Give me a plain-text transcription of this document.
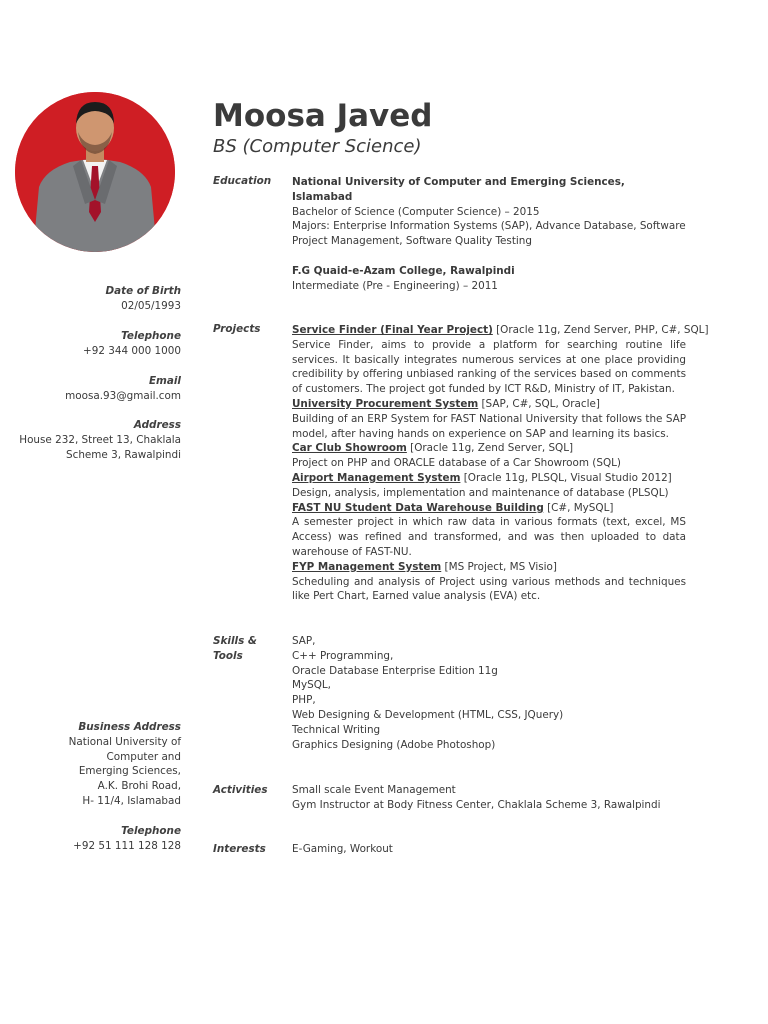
Moosa Javed
BS (Computer Science)
Date of Birth
02/05/1993
Telephone
+92 344 000 1000
Email
moosa.93@gmail.com
Address
House 232, Street 13, Chaklala
Scheme 3, Rawalpindi
Business Address
National University of
Computer and
Emerging Sciences,
A.K. Brohi Road,
H- 11/4, Islamabad
Telephone
+92 51 111 128 128
Education National University of Computer and Emerging Sciences, Islamabad

Bachelor of Science (Computer Science) – 2015

Majors: Enterprise Information Systems (SAP), Advance Database, Software Project Management, Software Quality Testing

F.G Quaid-e-Azam College, Rawalpindi

Intermediate (Pre - Engineering) – 2011

Projects	Service Finder (Final Year Project) [Oracle 11g, Zend Server, PHP, C#, SQL]

Service Finder, aims to provide a platform for searching routine life services. It basically integrates numerous services at one place providing credibility by offering unbiased ranking of the services based on comments of customers. The project got funded by ICT R&D, Ministry of IT, Pakistan.

University Procurement System [SAP, C#, SQL, Oracle]

Building of an ERP System for FAST National University that follows the SAP model, after having hands on experience on SAP and learning its basics.

Car Club Showroom [Oracle 11g, Zend Server, SQL]

Project on PHP and ORACLE database of a Car Showroom (SQL)

Airport Management System [Oracle 11g, PLSQL, Visual Studio 2012]

Design, analysis, implementation and maintenance of database (PLSQL)

FAST NU Student Data Warehouse Building [C#, MySQL]

A semester project in which raw data in various formats (text, excel, MS Access) was refined and transformed, and was then uploaded to data warehouse of FAST-NU.

FYP Management System [MS Project, MS Visio]

Scheduling and analysis of Project using various methods and techniques like Pert Chart, Earned value analysis (EVA) etc.

Skills &
Tools

SAP,

C++ Programming,

Oracle Database Enterprise Edition 11g

MySQL,

PHP,

Web Designing & Development (HTML, CSS, JQuery)

Technical Writing

Graphics Designing (Adobe Photoshop)

Activities Small scale Event Management

Gym Instructor at Body Fitness Center, Chaklala Scheme 3, Rawalpindi

Interests	E-Gaming, Workout
